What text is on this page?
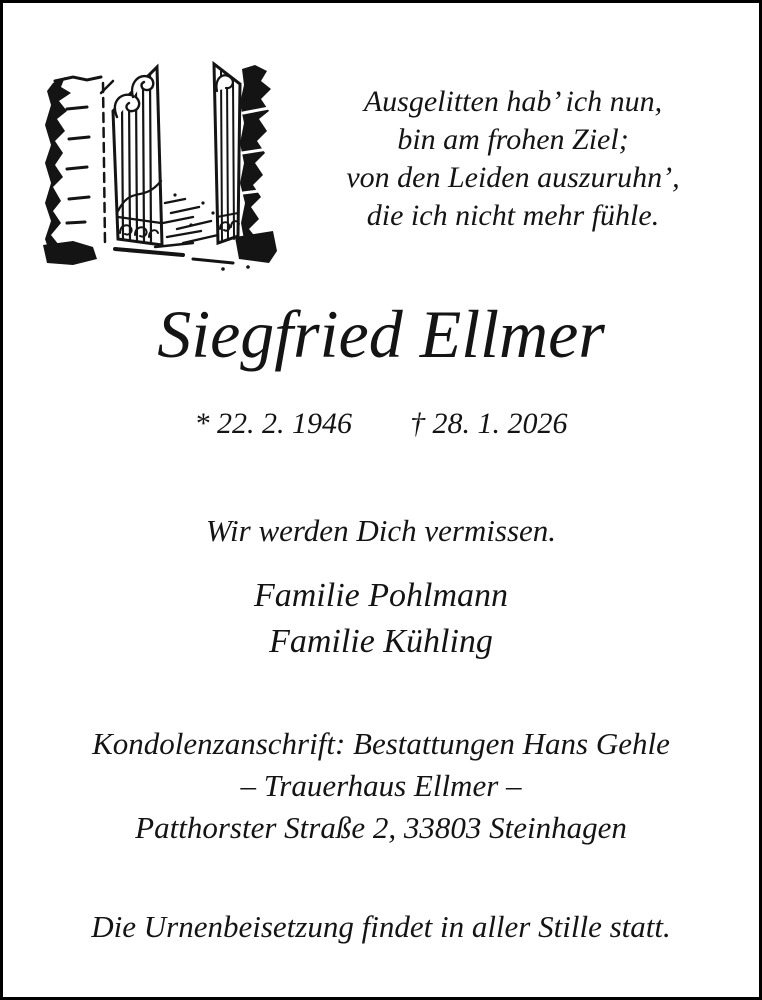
Ausgelitten hab’ ich nun,
bin am frohen Ziel;
von den Leiden auszuruhn’,
die ich nicht mehr fühle.
Siegfried Ellmer
* 22. 2. 1946 † 28. 1. 2026
Wir werden Dich vermissen.
Familie Pohlmann
Familie Kühling
Kondolenzanschrift: Bestattungen Hans Gehle
– Trauerhaus Ellmer –
Patthorster Straße 2, 33803 Steinhagen
Die Urnenbeisetzung findet in aller Stille statt.
